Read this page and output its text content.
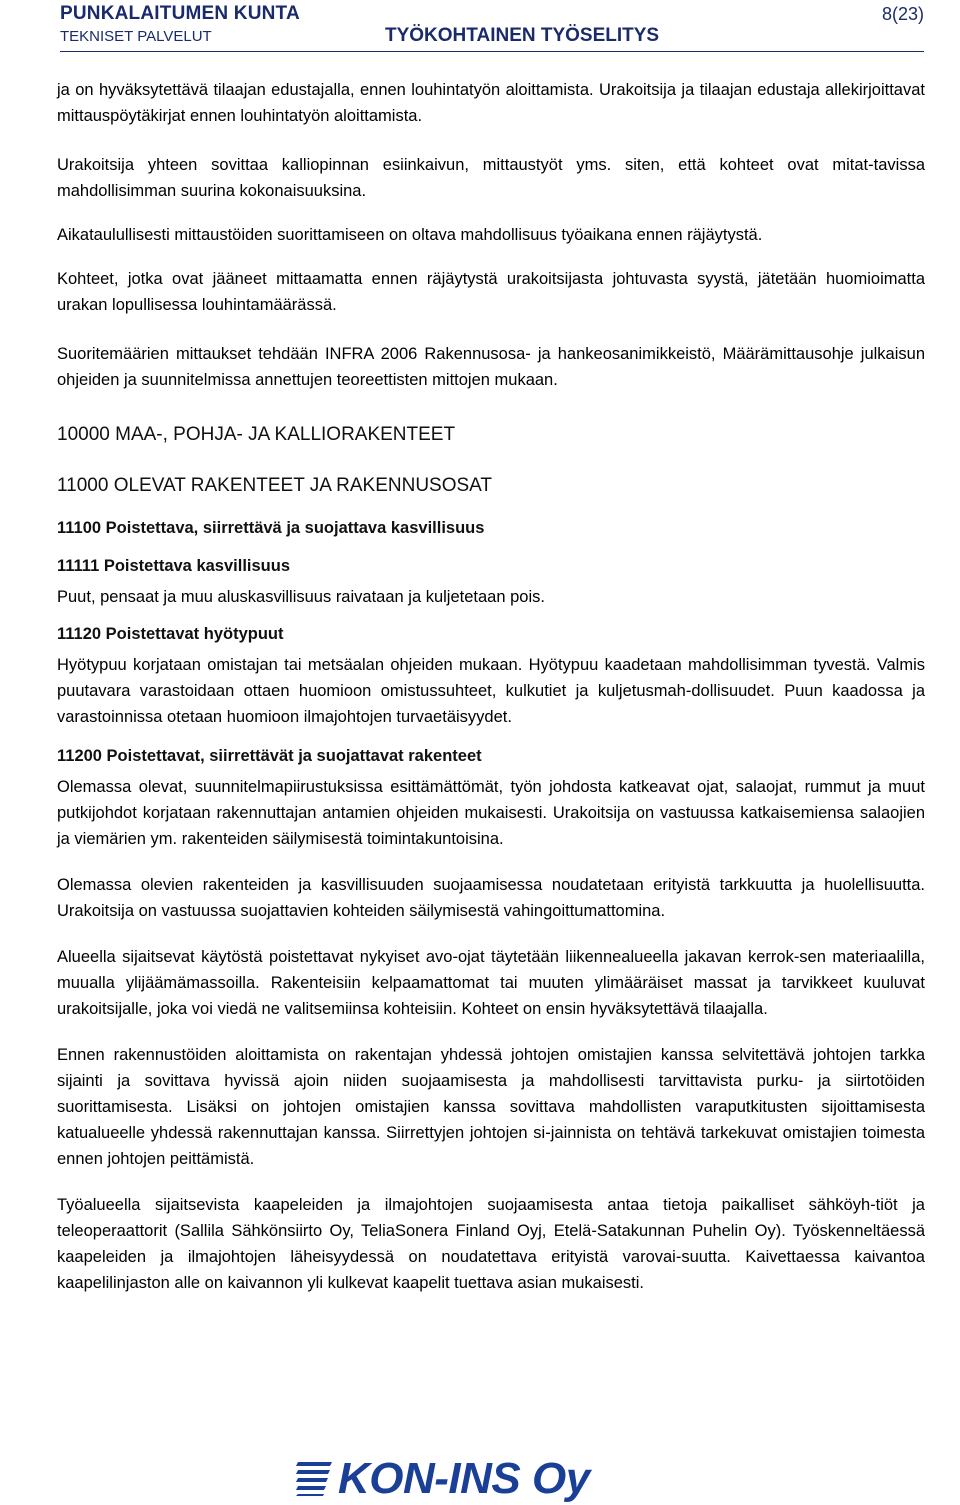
PUNKALAITUMEN KUNTA
TEKNISET PALVELUT	TYÖKOHTAINEN TYÖSELITYS
8(23)

ja on hyväksytettävä tilaajan edustajalla, ennen louhintatyön aloittamista. Urakoitsija ja tilaajan edustaja allekirjoittavat mittauspöytäkirjat ennen louhintatyön aloittamista.

Urakoitsija yhteen sovittaa kalliopinnan esiinkaivun, mittaustyöt yms. siten, että kohteet ovat mitat-tavissa mahdollisimman suurina kokonaisuuksina.

Aikataulullisesti mittaustöiden suorittamiseen on oltava mahdollisuus työaikana ennen räjäytystä.

Kohteet, jotka ovat jääneet mittaamatta ennen räjäytystä urakoitsijasta johtuvasta syystä, jätetään huomioimatta urakan lopullisessa louhintamäärässä.

Suoritemäärien mittaukset tehdään INFRA 2006 Rakennusosa- ja hankeosanimikkeistö, Määrämittausohje julkaisun ohjeiden ja suunnitelmissa annettujen teoreettisten mittojen mukaan.

10000 MAA-, POHJA- JA KALLIORAKENTEET
11000 OLEVAT RAKENTEET JA RAKENNUSOSAT
11100 Poistettava, siirrettävä ja suojattava kasvillisuus
11111 Poistettava kasvillisuus

Puut, pensaat ja muu aluskasvillisuus raivataan ja kuljetetaan pois.

11120 Poistettavat hyötypuut

Hyötypuu korjataan omistajan tai metsäalan ohjeiden mukaan. Hyötypuu kaadetaan mahdollisimman tyvestä. Valmis puutavara varastoidaan ottaen huomioon omistussuhteet, kulkutiet ja kuljetusmah-dollisuudet. Puun kaadossa ja varastoinnissa otetaan huomioon ilmajohtojen turvaetäisyydet.

11200 Poistettavat, siirrettävät ja suojattavat rakenteet

Olemassa olevat, suunnitelmapiirustuksissa esittämättömät, työn johdosta katkeavat ojat, salaojat, rummut ja muut putkijohdot korjataan rakennuttajan antamien ohjeiden mukaisesti. Urakoitsija on vastuussa katkaisemiensa salaojien ja viemärien ym. rakenteiden säilymisestä toimintakuntoisina.

Olemassa olevien rakenteiden ja kasvillisuuden suojaamisessa noudatetaan erityistä tarkkuutta ja huolellisuutta. Urakoitsija on vastuussa suojattavien kohteiden säilymisestä vahingoittumattomina.

Alueella sijaitsevat käytöstä poistettavat nykyiset avo-ojat täytetään liikennealueella jakavan kerrok-sen materiaalilla, muualla ylijäämämassoilla. Rakenteisiin kelpaamattomat tai muuten ylimääräiset massat ja tarvikkeet kuuluvat urakoitsijalle, joka voi viedä ne valitsemiinsa kohteisiin. Kohteet on ensin hyväksytettävä tilaajalla.

Ennen rakennustöiden aloittamista on rakentajan yhdessä johtojen omistajien kanssa selvitettävä johtojen tarkka sijainti ja sovittava hyvissä ajoin niiden suojaamisesta ja mahdollisesti tarvittavista purku- ja siirtotöiden suorittamisesta. Lisäksi on johtojen omistajien kanssa sovittava mahdollisten varaputkitusten sijoittamisesta katualueelle yhdessä rakennuttajan kanssa. Siirrettyjen johtojen si-jainnista on tehtävä tarkekuvat omistajien toimesta ennen johtojen peittämistä.

Työalueella sijaitsevista kaapeleiden ja ilmajohtojen suojaamisesta antaa tietoja paikalliset sähköyh-tiöt ja teleoperaattorit (Sallila Sähkönsiirto Oy, TeliaSonera Finland Oyj, Etelä-Satakunnan Puhelin Oy). Työskenneltäessä kaapeleiden ja ilmajohtojen läheisyydessä on noudatettava erityistä varovai-suutta. Kaivettaessa kaivantoa kaapelilinjaston alle on kaivannon yli kulkevat kaapelit tuettava asian mukaisesti.

KON-INS Oy
